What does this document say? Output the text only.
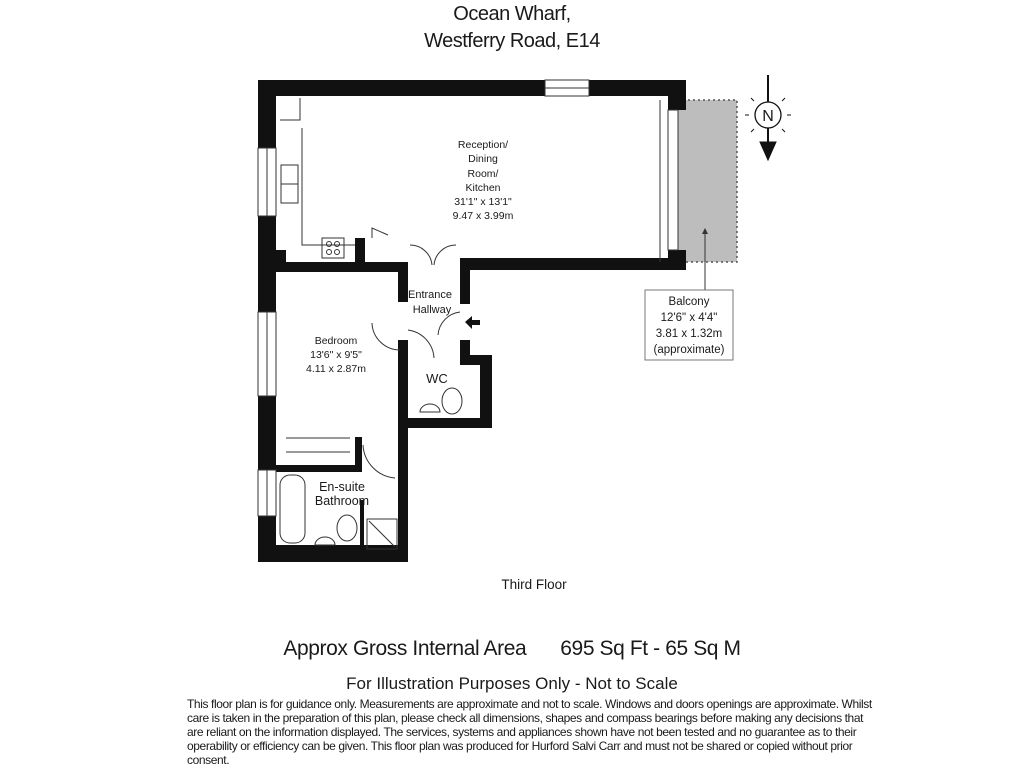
Ocean Wharf,
Westferry Road, E14
N
Balcony
12'6" x 4'4"
3.81 x 1.32m
(approximate)
Reception/
Dining
Room/
Kitchen
31'1" x 13'1"
9.47 x 3.99m
Entrance
Hallway
Bedroom
13'6" x 9'5"
4.11 x 2.87m
WC
En-suite
Bathroom
Third Floor
Approx Gross Internal Area 695 Sq Ft - 65 Sq M
For Illustration Purposes Only - Not to Scale
This floor plan is for guidance only. Measurements are approximate and not to scale. Windows and doors openings are approximate. Whilst
care is taken in the preparation of this plan, please check all dimensions, shapes and compass bearings before making any decisions that
are reliant on the information displayed. The services, systems and appliances shown have not been tested and no guarantee as to their
operability or efficiency can be given. This floor plan was produced for Hurford Salvi Carr and must not be shared or copied without prior
consent.
